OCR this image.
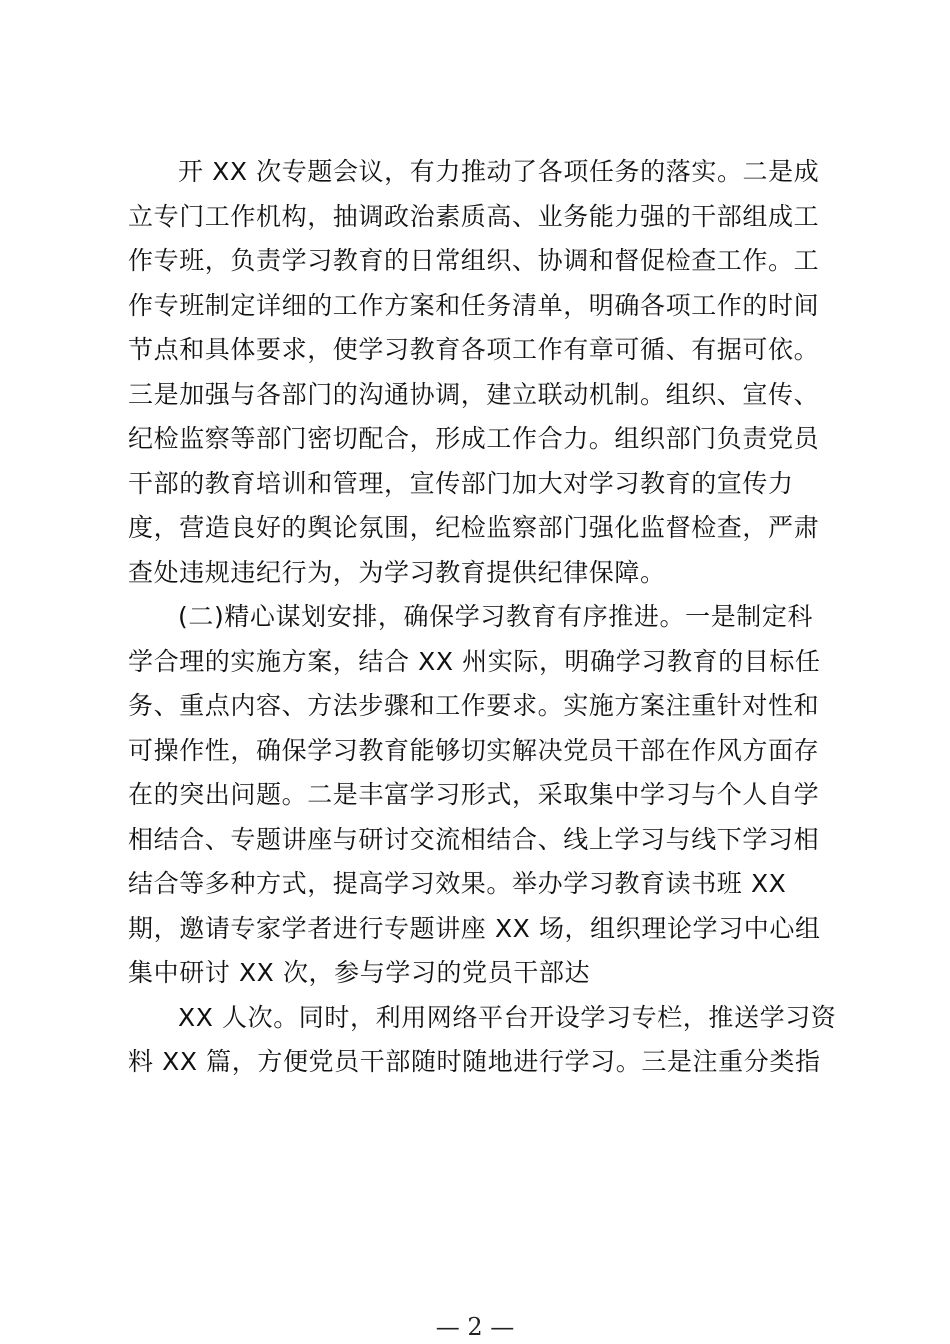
开 XX 次专题会议，有力推动了各项任务的落实。二是成
立专门工作机构，抽调政治素质高、业务能力强的干部组成工
作专班，负责学习教育的日常组织、协调和督促检查工作。工
作专班制定详细的工作方案和任务清单，明确各项工作的时间
节点和具体要求，使学习教育各项工作有章可循、有据可依。
三是加强与各部门的沟通协调，建立联动机制。组织、宣传、
纪检监察等部门密切配合，形成工作合力。组织部门负责党员
干部的教育培训和管理，宣传部门加大对学习教育的宣传力
度，营造良好的舆论氛围，纪检监察部门强化监督检查，严肃
查处违规违纪行为，为学习教育提供纪律保障。
(二)精心谋划安排，确保学习教育有序推进。一是制定科
学合理的实施方案，结合 XX 州实际，明确学习教育的目标任
务、重点内容、方法步骤和工作要求。实施方案注重针对性和
可操作性，确保学习教育能够切实解决党员干部在作风方面存
在的突出问题。二是丰富学习形式，采取集中学习与个人自学
相结合、专题讲座与研讨交流相结合、线上学习与线下学习相
结合等多种方式，提高学习效果。举办学习教育读书班 XX
期，邀请专家学者进行专题讲座 XX 场，组织理论学习中心组
集中研讨 XX 次，参与学习的党员干部达
XX 人次。同时，利用网络平台开设学习专栏，推送学习资
料 XX 篇，方便党员干部随时随地进行学习。三是注重分类指
— 2 —
